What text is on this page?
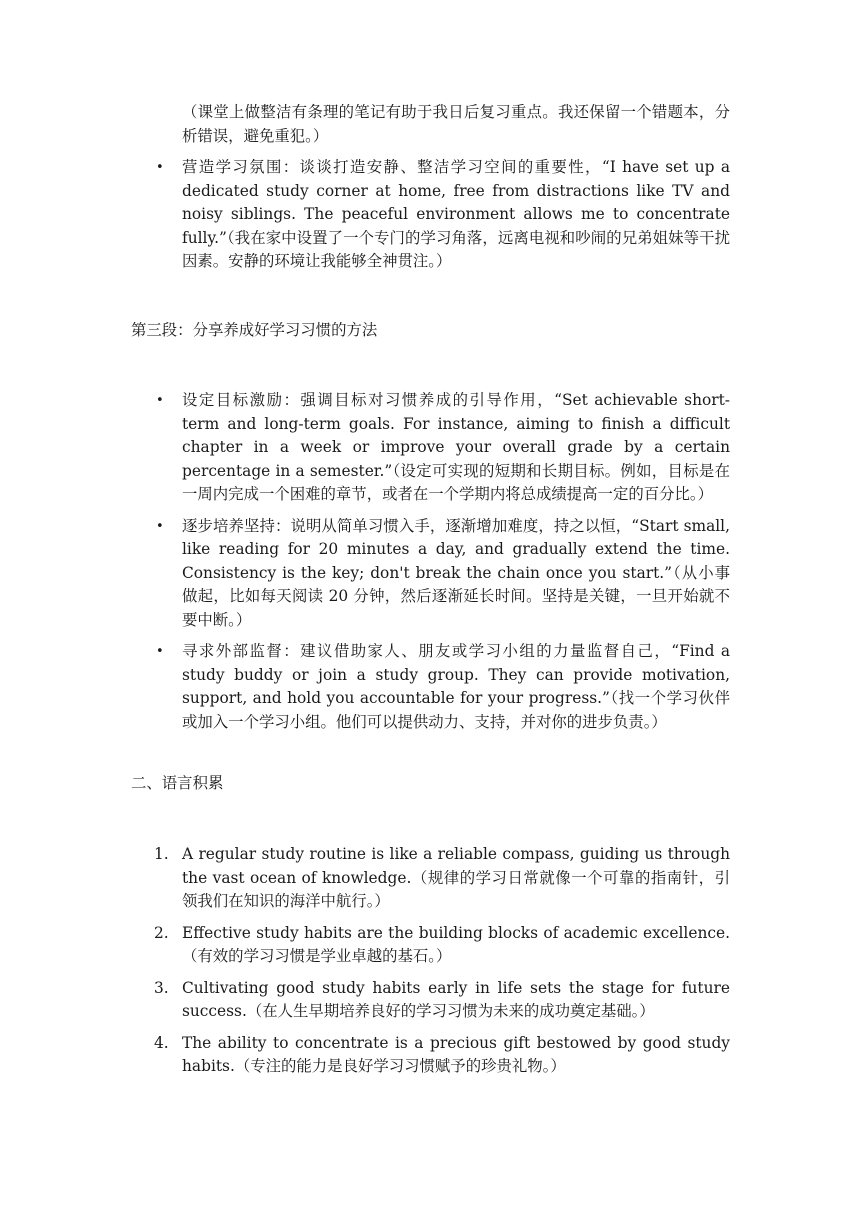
（课堂上做整洁有条理的笔记有助于我日后复习重点。我还保留一个错题本，分析错误，避免重犯。）

• 营造学习氛围：谈谈打造安静、整洁学习空间的重要性，“I have set up a dedicated study corner at home, free from distractions like TV and noisy siblings. The peaceful environment allows me to concentrate fully.”（我在家中设置了一个专门的学习角落，远离电视和吵闹的兄弟姐妹等干扰因素。安静的环境让我能够全神贯注。）
第三段：分享养成好学习习惯的方法
• 设定目标激励：强调目标对习惯养成的引导作用，“Set achievable short-term and long-term goals. For instance, aiming to finish a difficult chapter in a week or improve your overall grade by a certain percentage in a semester.”（设定可实现的短期和长期目标。例如，目标是在一周内完成一个困难的章节，或者在一个学期内将总成绩提高一定的百分比。）
• 逐步培养坚持：说明从简单习惯入手，逐渐增加难度，持之以恒，“Start small, like reading for 20 minutes a day, and gradually extend the time. Consistency is the key; don't break the chain once you start.”（从小事做起，比如每天阅读 20 分钟，然后逐渐延长时间。坚持是关键，一旦开始就不要中断。）
• 寻求外部监督：建议借助家人、朋友或学习小组的力量监督自己，“Find a study buddy or join a study group. They can provide motivation, support, and hold you accountable for your progress.”（找一个学习伙伴或加入一个学习小组。他们可以提供动力、支持，并对你的进步负责。）
二、语言积累
1. A regular study routine is like a reliable compass, guiding us through the vast ocean of knowledge.（规律的学习日常就像一个可靠的指南针，引领我们在知识的海洋中航行。）
2. Effective study habits are the building blocks of academic excellence.（有效的学习习惯是学业卓越的基石。）
3. Cultivating good study habits early in life sets the stage for future success.（在人生早期培养良好的学习习惯为未来的成功奠定基础。）
4. The ability to concentrate is a precious gift bestowed by good study habits.（专注的能力是良好学习习惯赋予的珍贵礼物。）
